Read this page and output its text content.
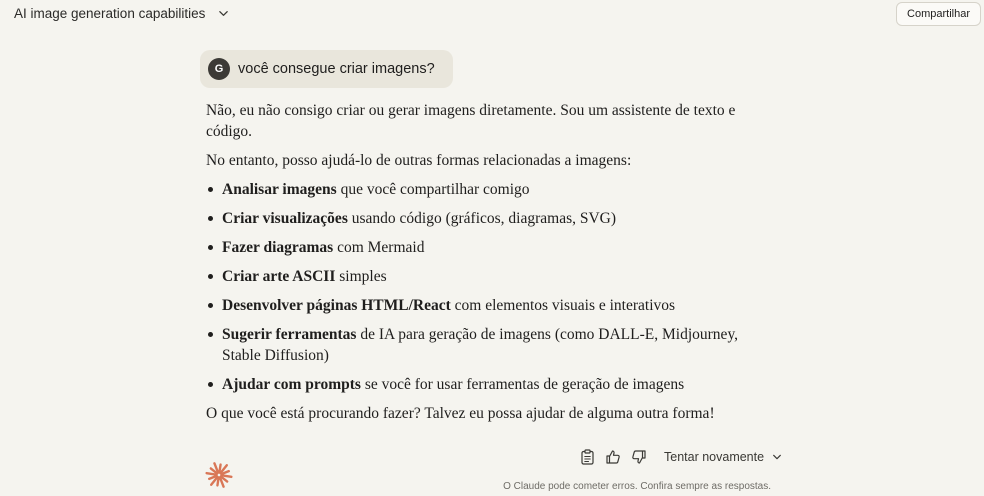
AI image generation capabilities	Compartilhar
G	você consegue criar imagens?

Não, eu não consigo criar ou gerar imagens diretamente. Sou um assistente de texto e código.

No entanto, posso ajudá-lo de outras formas relacionadas a imagens:

Analisar imagens que você compartilhar comigo
Criar visualizações usando código (gráficos, diagramas, SVG)
Fazer diagramas com Mermaid
Criar arte ASCII simples
Desenvolver páginas HTML/React com elementos visuais e interativos
Sugerir ferramentas de IA para geração de imagens (como DALL-E, Midjourney, Stable Diffusion)
Ajudar com prompts se você for usar ferramentas de geração de imagens

O que você está procurando fazer? Talvez eu possa ajudar de alguma outra forma!

Tentar novamente
O Claude pode cometer erros. Confira sempre as respostas.
